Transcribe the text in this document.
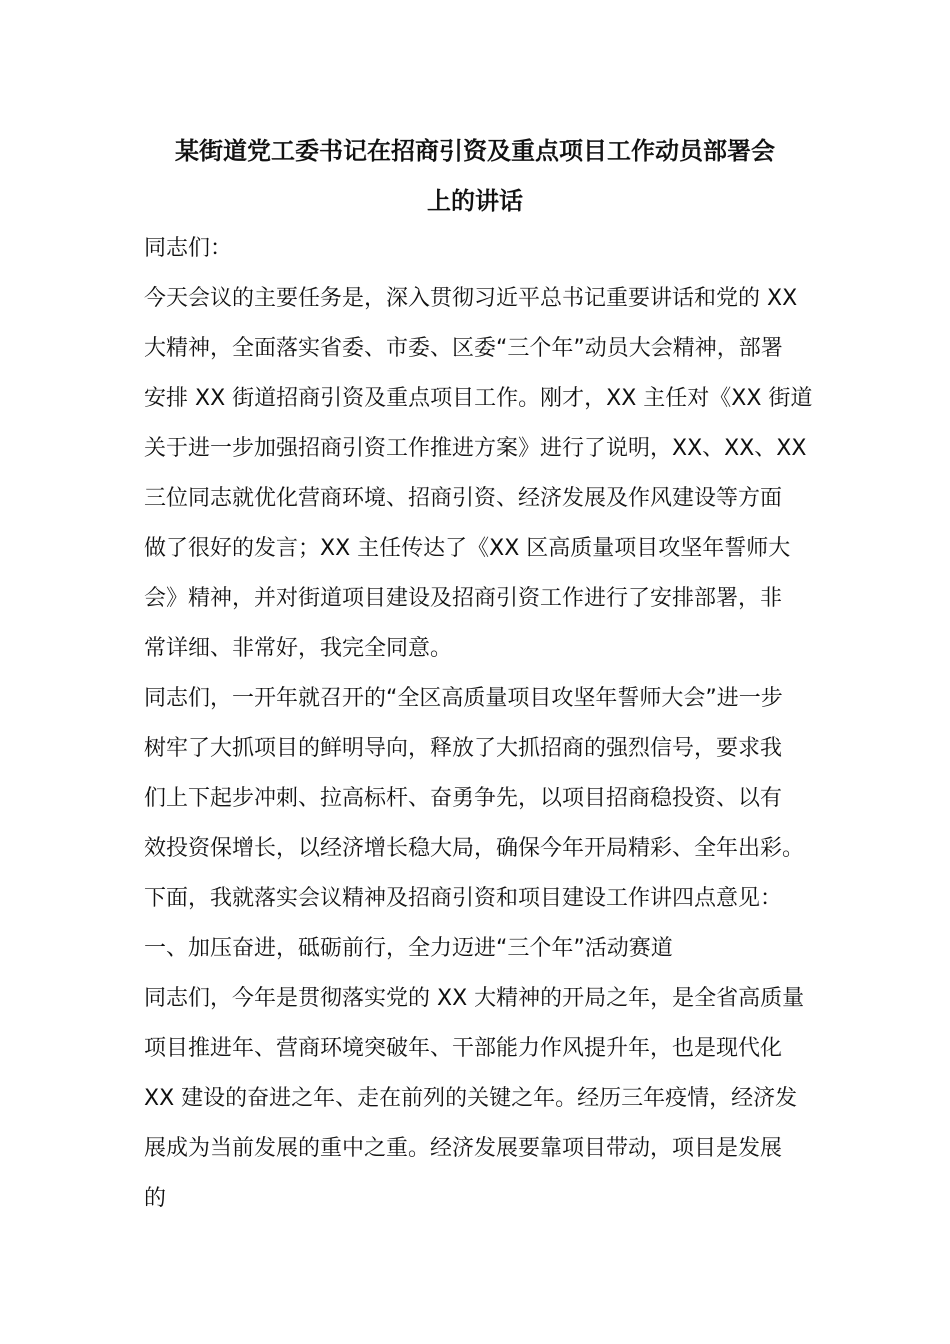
某街道党工委书记在招商引资及重点项目工作动员部署会
上的讲话
同志们：
今天会议的主要任务是，深入贯彻习近平总书记重要讲话和党的 XX
大精神，全面落实省委、市委、区委“三个年”动员大会精神，部署
安排 XX 街道招商引资及重点项目工作。刚才，XX 主任对《XX 街道
关于进一步加强招商引资工作推进方案》进行了说明，XX、XX、XX
三位同志就优化营商环境、招商引资、经济发展及作风建设等方面
做了很好的发言；XX 主任传达了《XX 区高质量项目攻坚年誓师大
会》精神，并对街道项目建设及招商引资工作进行了安排部署，非
常详细、非常好，我完全同意。
同志们，一开年就召开的“全区高质量项目攻坚年誓师大会”进一步
树牢了大抓项目的鲜明导向，释放了大抓招商的强烈信号，要求我
们上下起步冲刺、拉高标杆、奋勇争先，以项目招商稳投资、以有
效投资保增长，以经济增长稳大局，确保今年开局精彩、全年出彩。
下面，我就落实会议精神及招商引资和项目建设工作讲四点意见：
一、加压奋进，砥砺前行，全力迈进“三个年”活动赛道
同志们，今年是贯彻落实党的 XX 大精神的开局之年，是全省高质量
项目推进年、营商环境突破年、干部能力作风提升年，也是现代化
XX 建设的奋进之年、走在前列的关键之年。经历三年疫情，经济发
展成为当前发展的重中之重。经济发展要靠项目带动，项目是发展
的
